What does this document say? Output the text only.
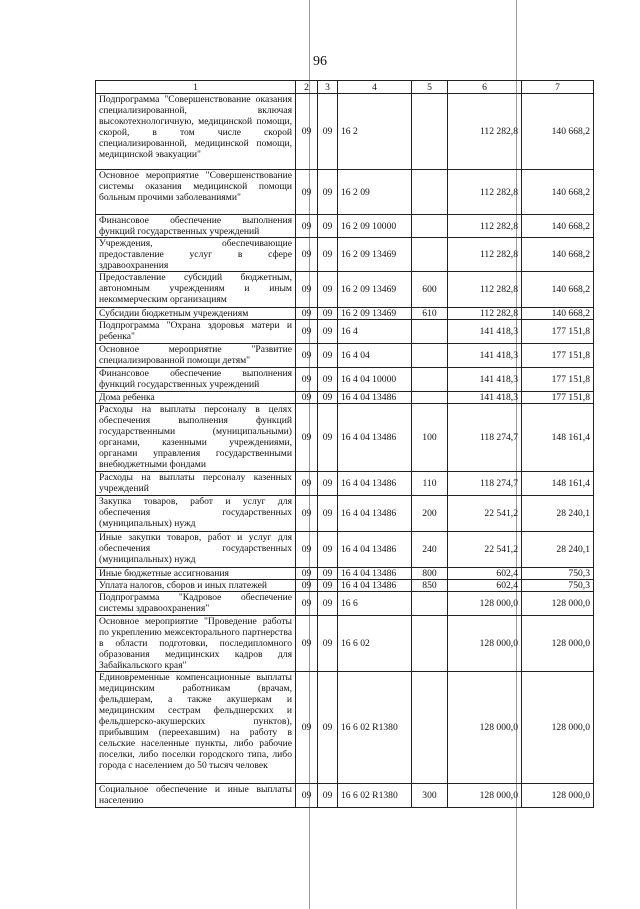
96
1	2	3	4	5	6	7
Подпрограмма "Совершенствование оказания специализированной, включая высокотехнологичную, медицинской помощи, скорой, в том числе скорой специализированной, медицинской помощи, медицинской эвакуации"	09	09	16 2		112 282,8	140 668,2
Основное мероприятие "Совершенствование системы оказания медицинской помощи больным прочими заболеваниями"	09	09	16 2 09		112 282,8	140 668,2
Финансовое обеспечение выполнения функций государственных учреждений	09	09	16 2 09 10000		112 282,8	140 668,2
Учреждения, обеспечивающие предоставление услуг в сфере здравоохранения	09	09	16 2 09 13469		112 282,8	140 668,2
Предоставление субсидий бюджетным, автономным учреждениям и иным некоммерческим организациям	09	09	16 2 09 13469	600	112 282,8	140 668,2
Субсидии бюджетным учреждениям	09	09	16 2 09 13469	610	112 282,8	140 668,2
Подпрограмма "Охрана здоровья матери и ребенка"	09	09	16 4		141 418,3	177 151,8
Основное мероприятие "Развитие специализированной помощи детям"	09	09	16 4 04		141 418,3	177 151,8
Финансовое обеспечение выполнения функций государственных учреждений	09	09	16 4 04 10000		141 418,3	177 151,8
Дома ребенка	09	09	16 4 04 13486		141 418,3	177 151,8
Расходы на выплаты персоналу в целях обеспечения выполнения функций государственными (муниципальными) органами, казенными учреждениями, органами управления государственными внебюджетными фондами	09	09	16 4 04 13486	100	118 274,7	148 161,4
Расходы на выплаты персоналу казенных учреждений	09	09	16 4 04 13486	110	118 274,7	148 161,4
Закупка товаров, работ и услуг для обеспечения государственных (муниципальных) нужд	09	09	16 4 04 13486	200	22 541,2	28 240,1
Иные закупки товаров, работ и услуг для обеспечения государственных (муниципальных) нужд	09	09	16 4 04 13486	240	22 541,2	28 240,1
Иные бюджетные ассигнования	09	09	16 4 04 13486	800	602,4	750,3
Уплата налогов, сборов и иных платежей	09	09	16 4 04 13486	850	602,4	750,3
Подпрограмма "Кадровое обеспечение системы здравоохранения"	09	09	16 6		128 000,0	128 000,0
Основное мероприятие "Проведение работы по укреплению межсекторального партнерства в области подготовки, последипломного образования медицинских кадров для Забайкальского края"	09	09	16 6 02		128 000,0	128 000,0
Единовременные компенсационные выплаты медицинским работникам (врачам, фельдшерам, а также акушеркам и медицинским сестрам фельдшерских и фельдшерско-акушерских пунктов), прибывшим (переехавшим) на работу в сельские населенные пункты, либо рабочие поселки, либо поселки городского типа, либо города с населением до 50 тысяч человек	09	09	16 6 02 R1380		128 000,0	128 000,0
Социальное обеспечение и иные выплаты населению	09	09	16 6 02 R1380	300	128 000,0	128 000,0
